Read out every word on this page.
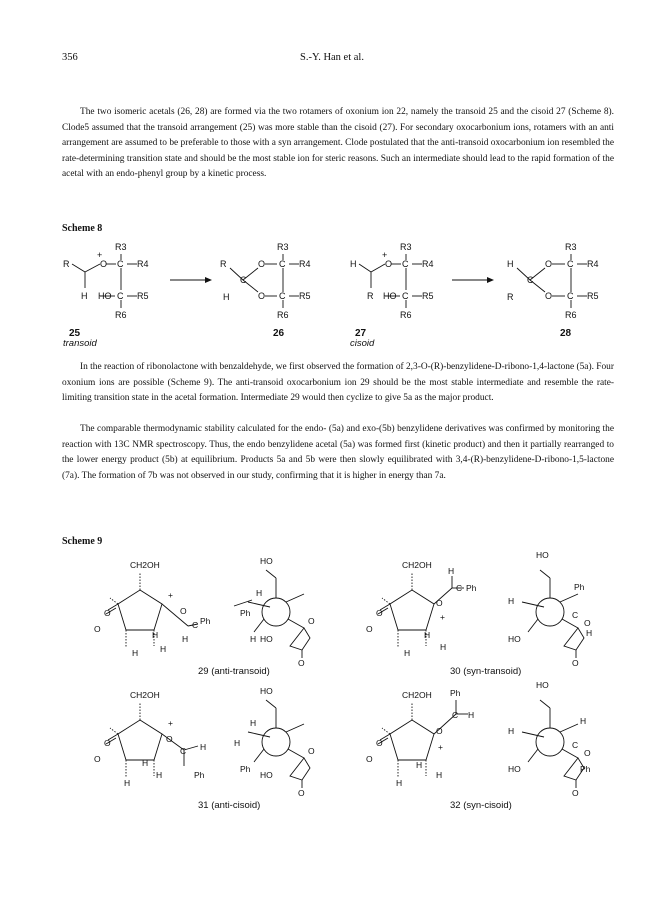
356	S.-Y. Han et al.

The two isomeric acetals (26, 28) are formed via the two rotamers of oxonium ion 22, namely the transoid 25 and the cisoid 27 (Scheme 8). Clode5 assumed that the transoid arrangement (25) was more stable than the cisoid (27). For secondary oxocarbonium ions, rotamers with an anti arrangement are assumed to be preferable to those with a syn arrangement. Clode postulated that the anti-transoid oxocarbonium ion resembled the rate-determining transition state and should be the most stable ion for steric reasons. Such an intermediate should lead to the rapid formation of the acetal with an endo-phenyl group by a kinetic process.

Scheme 8
R
+
O C
R3
R4
H HO C R5
R6
R
H
C
O
O
C
C
R3
R4
R5
R6
H
+
O C
R3
R4
R HO C R5
R6
H
R
C
O
O
C
C
R3
R4
R5
R6
25
transoid
26	27
cisoid
28

In the reaction of ribonolactone with benzaldehyde, we first observed the formation of 2,3-O-(R)-benzylidene-D-ribono-1,4-lactone (5a). Four oxonium ions are possible (Scheme 9). The anti-transoid oxocarbonium ion 29 should be the most stable intermediate and resemble the rate-limiting transition state in the acetal formation. Intermediate 29 would then cyclize to give 5a as the major product.

The comparable thermodynamic stability calculated for the endo- (5a) and exo-(5b) benzylidene derivatives was confirmed by monitoring the reaction with 13C NMR spectroscopy. Thus, the endo benzylidene acetal (5a) was formed first (kinetic product) and then it partially rearranged to the lower energy product (5b) at equilibrium. Products 5a and 5b were then slowly equilibrated with 3,4-(R)-benzylidene-D-ribono-1,5-lactone (7a). The formation of 7b was not observed in our study, confirming that it is higher in energy than 7a.

Scheme 9
CH2OH
O
O
+
O
C Ph
H
H
H	H
HO
Ph
H
H HO
O
O
CH2OH
O
O
+
O
H
C Ph
H
H
H
HO
H
Ph
C
O
H
HO
O
CH2OH
O
O
+
O
C H
Ph
H
H
H
HO
H
H
Ph
HO
O
O
CH2OH
O
O
+
O
Ph
C H
H
H
H
HO
H
H
C
O
Ph
HO
O
29 (anti-transoid)	30 (syn-transoid)
31 (anti-cisoid)	32 (syn-cisoid)
